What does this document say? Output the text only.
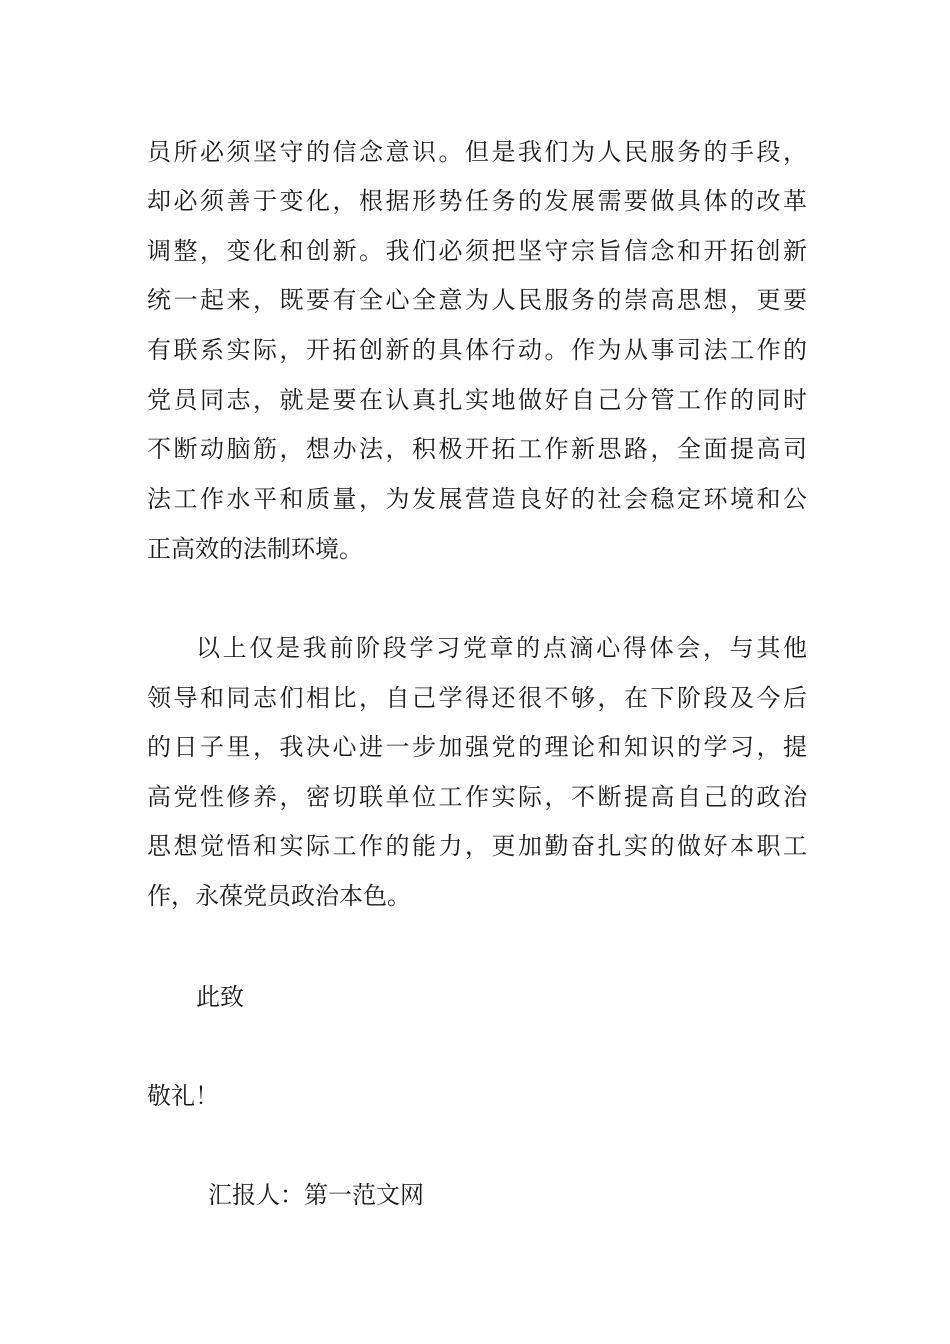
员所必须坚守的信念意识。但是我们为人民服务的手段，
却必须善于变化，根据形势任务的发展需要做具体的改革
调整，变化和创新。我们必须把坚守宗旨信念和开拓创新
统一起来，既要有全心全意为人民服务的崇高思想，更要
有联系实际，开拓创新的具体行动。作为从事司法工作的
党员同志，就是要在认真扎实地做好自己分管工作的同时
不断动脑筋，想办法，积极开拓工作新思路，全面提高司
法工作水平和质量，为发展营造良好的社会稳定环境和公
正高效的法制环境。
以上仅是我前阶段学习党章的点滴心得体会，与其他
领导和同志们相比，自己学得还很不够，在下阶段及今后
的日子里，我决心进一步加强党的理论和知识的学习，提
高党性修养，密切联单位工作实际，不断提高自己的政治
思想觉悟和实际工作的能力，更加勤奋扎实的做好本职工
作，永葆党员政治本色。
此致
敬礼！
汇报人：第一范文网
